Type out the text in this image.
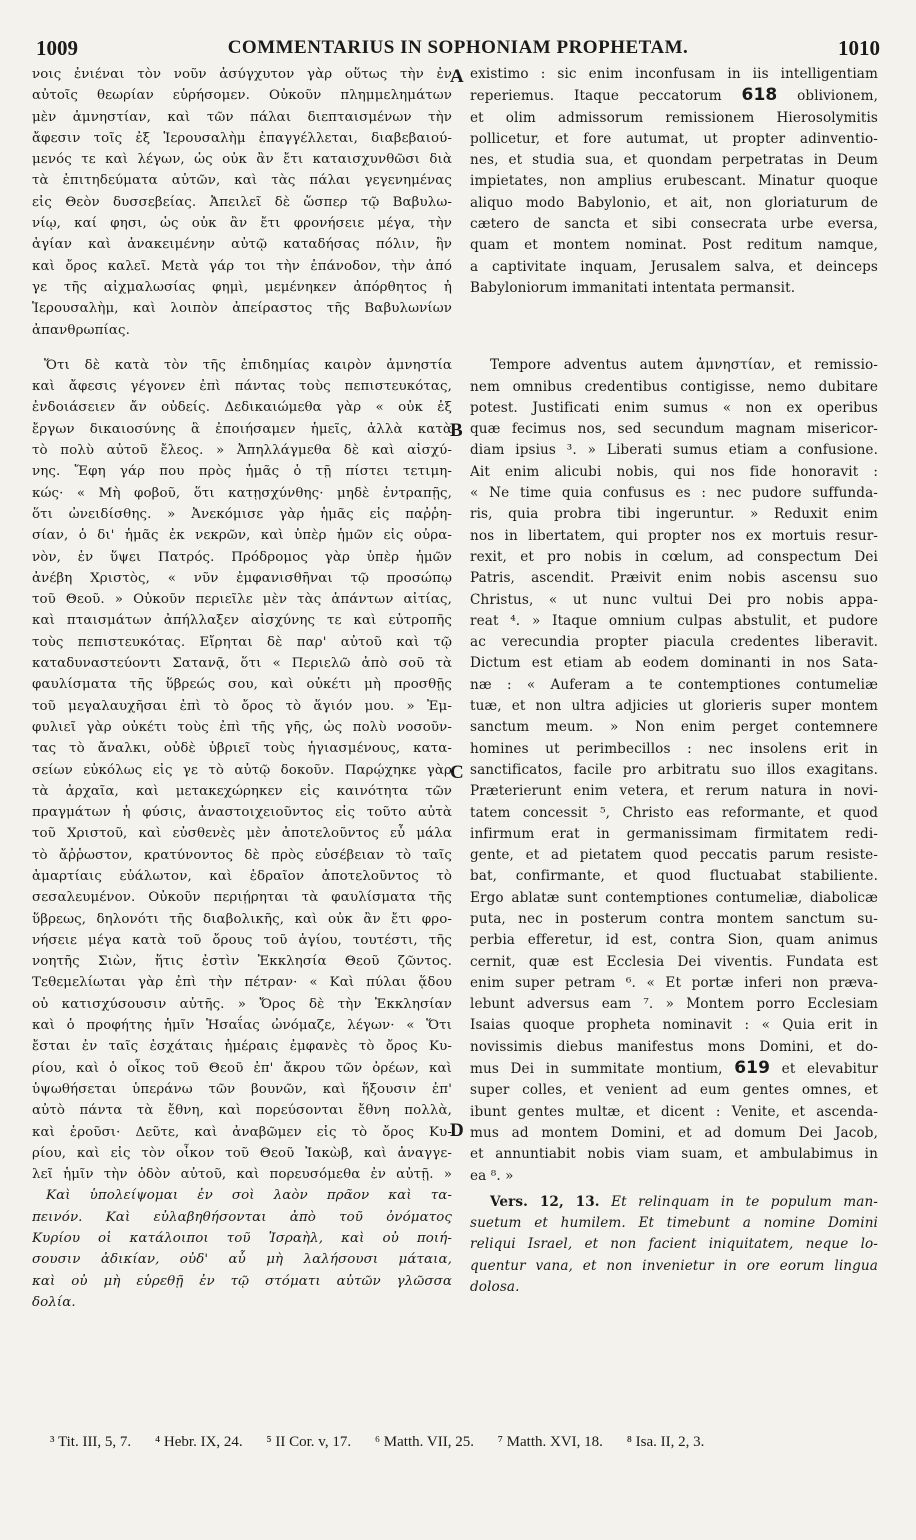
1009	COMMENTARIUS IN SOPHONIAM PROPHETAM.	1010
A
B
C
D
νοις ἐνιέναι τὸν νοῦν ἀσύγχυτον γὰρ οὕτως τὴν ἐν
αὐτοῖς θεωρίαν εὑρήσομεν. Οὐκοῦν πλημμελημάτων
μὲν ἀμνηστίαν, καὶ τῶν πάλαι διεπταισμένων τὴν
ἄφεσιν τοῖς ἐξ Ἱερουσαλὴμ ἐπαγγέλλεται, διαβεβαιού-
μενός τε καὶ λέγων, ὡς οὐκ ἂν ἔτι καταισχυνθῶσι διὰ
τὰ ἐπιτηδεύματα αὐτῶν, καὶ τὰς πάλαι γεγενημένας
εἰς Θεὸν δυσσεβείας. Ἀπειλεῖ δὲ ὥσπερ τῷ Βαβυλω-
νίῳ, καί φησι, ὡς οὐκ ἂν ἔτι φρονήσειε μέγα, τὴν
ἁγίαν καὶ ἀνακειμένην αὐτῷ καταδήσας πόλιν, ἣν
καὶ ὄρος καλεῖ. Μετὰ γάρ τοι τὴν ἐπάνοδον, τὴν ἀπό
γε τῆς αἰχμαλωσίας φημὶ, μεμένηκεν ἀπόρθητος ἡ
Ἱερουσαλὴμ, καὶ λοιπὸν ἀπείραστος τῆς Βαβυλωνίων
ἀπανθρωπίας.
Ὅτι δὲ κατὰ τὸν τῆς ἐπιδημίας καιρὸν ἀμνηστία
καὶ ἄφεσις γέγονεν ἐπὶ πάντας τοὺς πεπιστευκότας,
ἐνδοιάσειεν ἄν οὐδείς. Δεδικαιώμεθα γὰρ « οὐκ ἐξ
ἔργων δικαιοσύνης ἃ ἐποιήσαμεν ἡμεῖς, ἀλλὰ κατὰ
τὸ πολὺ αὐτοῦ ἔλεος. » Ἀπηλλάγμεθα δὲ καὶ αἰσχύ-
νης. Ἔφη γάρ που πρὸς ἡμᾶς ὁ τῇ πίστει τετιμη-
κώς· « Μὴ φοβοῦ, ὅτι κατῃσχύνθης· μηδὲ ἐντραπῇς,
ὅτι ὠνειδίσθης. » Ἀνεκόμισε γὰρ ἡμᾶς εἰς παῤῥη-
σίαν, ὁ δι' ἡμᾶς ἐκ νεκρῶν, καὶ ὑπὲρ ἡμῶν εἰς οὐρα-
νὸν, ἐν ὕψει Πατρός. Πρόδρομος γὰρ ὑπὲρ ἡμῶν
ἀνέβη Χριστὸς, « νῦν ἐμφανισθῆναι τῷ προσώπῳ
τοῦ Θεοῦ. » Οὐκοῦν περιεῖλε μὲν τὰς ἁπάντων αἰτίας,
καὶ πταισμάτων ἀπήλλαξεν αἰσχύνης τε καὶ εὐτροπῆς
τοὺς πεπιστευκότας. Εἴρηται δὲ παρ' αὐτοῦ καὶ τῷ
καταδυναστεύοντι Σατανᾷ, ὅτι « Περιελῶ ἀπὸ σοῦ τὰ
φαυλίσματα τῆς ὕβρεώς σου, καὶ οὐκέτι μὴ προσθῇς
τοῦ μεγαλαυχῆσαι ἐπὶ τὸ ὄρος τὸ ἅγιόν μου. » Ἐμ-
φυλιεῖ γὰρ οὐκέτι τοὺς ἐπὶ τῆς γῆς, ὡς πολὺ νοσοῦν-
τας τὸ ἄναλκι, οὐδὲ ὑβριεῖ τοὺς ἡγιασμένους, κατα-
σείων εὐκόλως εἰς γε τὸ αὐτῷ δοκοῦν. Παρῴχηκε γὰρ
τὰ ἀρχαῖα, καὶ μετακεχώρηκεν εἰς καινότητα τῶν
πραγμάτων ἡ φύσις, ἀναστοιχειοῦντος εἰς τοῦτο αὐτὰ
τοῦ Χριστοῦ, καὶ εὐσθενὲς μὲν ἀποτελοῦντος εὖ μάλα
τὸ ἄῤῥωστον, κρατύνοντος δὲ πρὸς εὐσέβειαν τὸ ταῖς
ἁμαρτίαις εὐάλωτον, καὶ ἑδραῖον ἀποτελοῦντος τὸ
σεσαλευμένον. Οὐκοῦν περιῄρηται τὰ φαυλίσματα τῆς
ὕβρεως, δηλονότι τῆς διαβολικῆς, καὶ οὐκ ἂν ἔτι φρο-
νήσειε μέγα κατὰ τοῦ ὄρους τοῦ ἁγίου, τουτέστι, τῆς
νοητῆς Σιὼν, ἥτις ἐστὶν Ἐκκλησία Θεοῦ ζῶντος.
Τεθεμελίωται γὰρ ἐπὶ τὴν πέτραν· « Καὶ πύλαι ᾅδου
οὐ κατισχύσουσιν αὐτῆς. » Ὄρος δὲ τὴν Ἐκκλησίαν
καὶ ὁ προφήτης ἡμῖν Ἡσαΐας ὠνόμαζε, λέγων· « Ὅτι
ἔσται ἐν ταῖς ἐσχάταις ἡμέραις ἐμφανὲς τὸ ὄρος Κυ-
ρίου, καὶ ὁ οἶκος τοῦ Θεοῦ ἐπ' ἄκρου τῶν ὀρέων, καὶ
ὑψωθήσεται ὑπεράνω τῶν βουνῶν, καὶ ἥξουσιν ἐπ'
αὐτὸ πάντα τὰ ἔθνη, καὶ πορεύσονται ἔθνη πολλὰ,
καὶ ἐροῦσι· Δεῦτε, καὶ ἀναβῶμεν εἰς τὸ ὄρος Κυ-
ρίου, καὶ εἰς τὸν οἶκον τοῦ Θεοῦ Ἰακὼβ, καὶ ἀναγγε-
λεῖ ἡμῖν τὴν ὁδὸν αὐτοῦ, καὶ πορευσόμεθα ἐν αὐτῇ. »
Καὶ ὑπολείψομαι ἐν σοὶ λαὸν πρᾶον καὶ τα-
πεινόν. Καὶ εὐλαβηθήσονται ἀπὸ τοῦ ὀνόματος
Κυρίου οἱ κατάλοιποι τοῦ Ἰσραὴλ, καὶ οὐ ποιή-
σουσιν ἀδικίαν, οὐδ' αὖ μὴ λαλήσουσι μάταια,
καὶ οὐ μὴ εὑρεθῇ ἐν τῷ στόματι αὐτῶν γλῶσσα
δολία.
existimo : sic enim inconfusam in iis intelligentiam
reperiemus. Itaque peccatorum 618 oblivionem,
et olim admissorum remissionem Hierosolymitis
pollicetur, et fore autumat, ut propter adinventio-
nes, et studia sua, et quondam perpetratas in Deum
impietates, non amplius erubescant. Minatur quoque
aliquo modo Babylonio, et ait, non gloriaturum de
cætero de sancta et sibi consecrata urbe eversa,
quam et montem nominat. Post reditum namque,
a captivitate inquam, Jerusalem salva, et deinceps
Babyloniorum immanitati intentata permansit.
Tempore adventus autem ἀμνηστίαν, et remissio-
nem omnibus credentibus contigisse, nemo dubitare
potest. Justificati enim sumus « non ex operibus
quæ fecimus nos, sed secundum magnam misericor-
diam ipsius ³. » Liberati sumus etiam a confusione.
Ait enim alicubi nobis, qui nos fide honoravit :
« Ne time quia confusus es : nec pudore suffunda-
ris, quia probra tibi ingeruntur. » Reduxit enim
nos in libertatem, qui propter nos ex mortuis resur-
rexit, et pro nobis in cœlum, ad conspectum Dei
Patris, ascendit. Præivit enim nobis ascensu suo
Christus, « ut nunc vultui Dei pro nobis appa-
reat ⁴. » Itaque omnium culpas abstulit, et pudore
ac verecundia propter piacula credentes liberavit.
Dictum est etiam ab eodem dominanti in nos Sata-
næ : « Auferam a te contemptiones contumeliæ
tuæ, et non ultra adjicies ut glorieris super montem
sanctum meum. » Non enim perget contemnere
homines ut perimbecillos : nec insolens erit in
sanctificatos, facile pro arbitratu suo illos exagitans.
Præterierunt enim vetera, et rerum natura in novi-
tatem concessit ⁵, Christo eas reformante, et quod
infirmum erat in germanissimam firmitatem redi-
gente, et ad pietatem quod peccatis parum resiste-
bat, confirmante, et quod fluctuabat stabiliente.
Ergo ablatæ sunt contemptiones contumeliæ, diabolicæ
puta, nec in posterum contra montem sanctum su-
perbia efferetur, id est, contra Sion, quam animus
cernit, quæ est Ecclesia Dei viventis. Fundata est
enim super petram ⁶. « Et portæ inferi non præva-
lebunt adversus eam ⁷. » Montem porro Ecclesiam
Isaias quoque propheta nominavit : « Quia erit in
novissimis diebus manifestus mons Domini, et do-
mus Dei in summitate montium, 619 et elevabitur
super colles, et venient ad eum gentes omnes, et
ibunt gentes multæ, et dicent : Venite, et ascenda-
mus ad montem Domini, et ad domum Dei Jacob,
et annuntiabit nobis viam suam, et ambulabimus in
ea ⁸. »
Vers. 12, 13. Et relinquam in te populum man-
suetum et humilem. Et timebunt a nomine Domini
reliqui Israel, et non facient iniquitatem, neque lo-
quentur vana, et non invenietur in ore eorum lingua
dolosa.
³ Tit. III, 5, 7. ⁴ Hebr. IX, 24. ⁵ II Cor. v, 17. ⁶ Matth. VII, 25. ⁷ Matth. XVI, 18. ⁸ Isa. II, 2, 3.
